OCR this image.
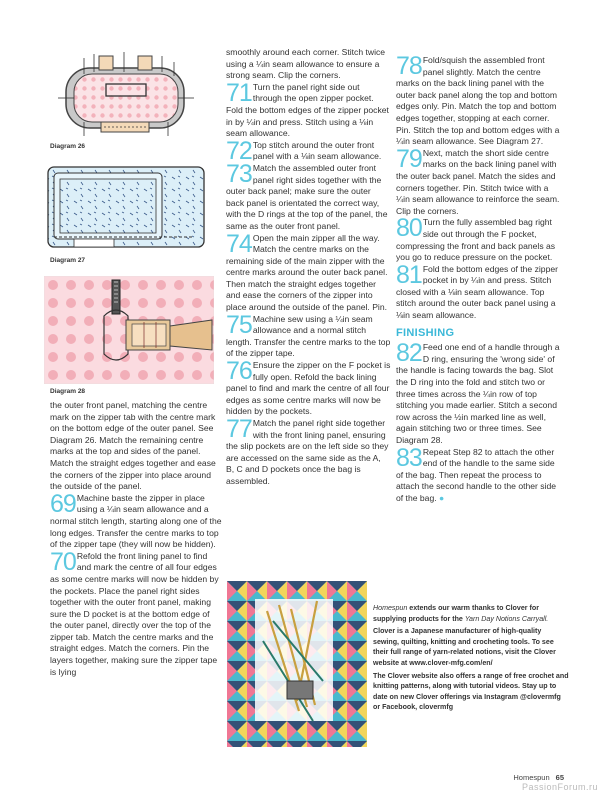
Diagram 26
Diagram 27
Diagram 28

the outer front panel, matching the centre mark on the zipper tab with the centre mark on the bottom edge of the outer panel. See Diagram 26. Match the remaining centre marks at the top and sides of the panel. Match the straight edges together and ease the corners of the zipper into place around the outside of the panel.

69 Machine baste the zipper in place using a ¼in seam allowance and a normal stitch length, starting along one of the long edges. Transfer the centre marks to top of the zipper tape (they will now be hidden).
70 Refold the front lining panel to find and mark the centre of all four edges as some centre marks will now be hidden by the pockets. Place the panel right sides together with the outer front panel, making sure the D pocket is at the bottom edge of the outer panel, directly over the top of the zipper tab. Match the centre marks and the straight edges. Match the corners. Pin the layers together, making sure the zipper tape is lying

smoothly around each corner. Stitch twice using a ¼in seam allowance to ensure a strong seam. Clip the corners.

71 Turn the panel right side out through the open zipper pocket. Fold the bottom edges of the zipper pocket in by ¼in and press. Stitch using a ⅛in seam allowance.
72 Top stitch around the outer front panel with a ⅛in seam allowance.
73 Match the assembled outer front panel right sides together with the outer back panel; make sure the outer back panel is orientated the correct way, with the D rings at the top of the panel, the same as the outer front panel.
74 Open the main zipper all the way. Match the centre marks on the remaining side of the main zipper with the centre marks around the outer back panel. Then match the straight edges together and ease the corners of the zipper into place around the outside of the panel. Pin.
75 Machine sew using a ¼in seam allowance and a normal stitch length. Transfer the centre marks to the top of the zipper tape.
76 Ensure the zipper on the F pocket is fully open. Refold the back lining panel to find and mark the centre of all four edges as some centre marks will now be hidden by the pockets.
77 Match the panel right side together with the front lining panel, ensuring the slip pockets are on the left side so they are accessed on the same side as the A, B, C and D pockets once the bag is assembled.
78 Fold/squish the assembled front panel slightly. Match the centre marks on the back lining panel with the outer back panel along the top and bottom edges only. Pin. Match the top and bottom edges together, stopping at each corner. Pin. Stitch the top and bottom edges with a ¼in seam allowance. See Diagram 27.
79 Next, match the short side centre marks on the back lining panel with the outer back panel. Match the sides and corners together. Pin. Stitch twice with a ¼in seam allowance to reinforce the seam. Clip the corners.
80 Turn the fully assembled bag right side out through the F pocket, compressing the front and back panels as you go to reduce pressure on the pocket.
81 Fold the bottom edges of the zipper pocket in by ¼in and press. Stitch closed with a ⅛in seam allowance. Top stitch around the outer back panel using a ⅛in seam allowance.
FINISHING
82 Feed one end of a handle through a D ring, ensuring the 'wrong side' of the handle is facing towards the bag. Slot the D ring into the fold and stitch two or three times across the ¼in row of top stitching you made earlier. Stitch a second row across the ½in marked line as well, again stitching two or three times. See Diagram 28.
83 Repeat Step 82 to attach the other end of the handle to the same side of the bag. Then repeat the process to attach the second handle to the other side of the bag. ●

Homespun extends our warm thanks to Clover for supplying products for the Yarn Day Notions Carryall.

Clover is a Japanese manufacturer of high-quality sewing, quilting, knitting and crocheting tools. To see their full range of yarn-related notions, visit the Clover website at www.clover-mfg.com/en/

The Clover website also offers a range of free crochet and knitting patterns, along with tutorial videos. Stay up to date on new Clover offerings via Instagram @clovermfg or Facebook, clovermfg

Homespun 65
PassionForum.ru
